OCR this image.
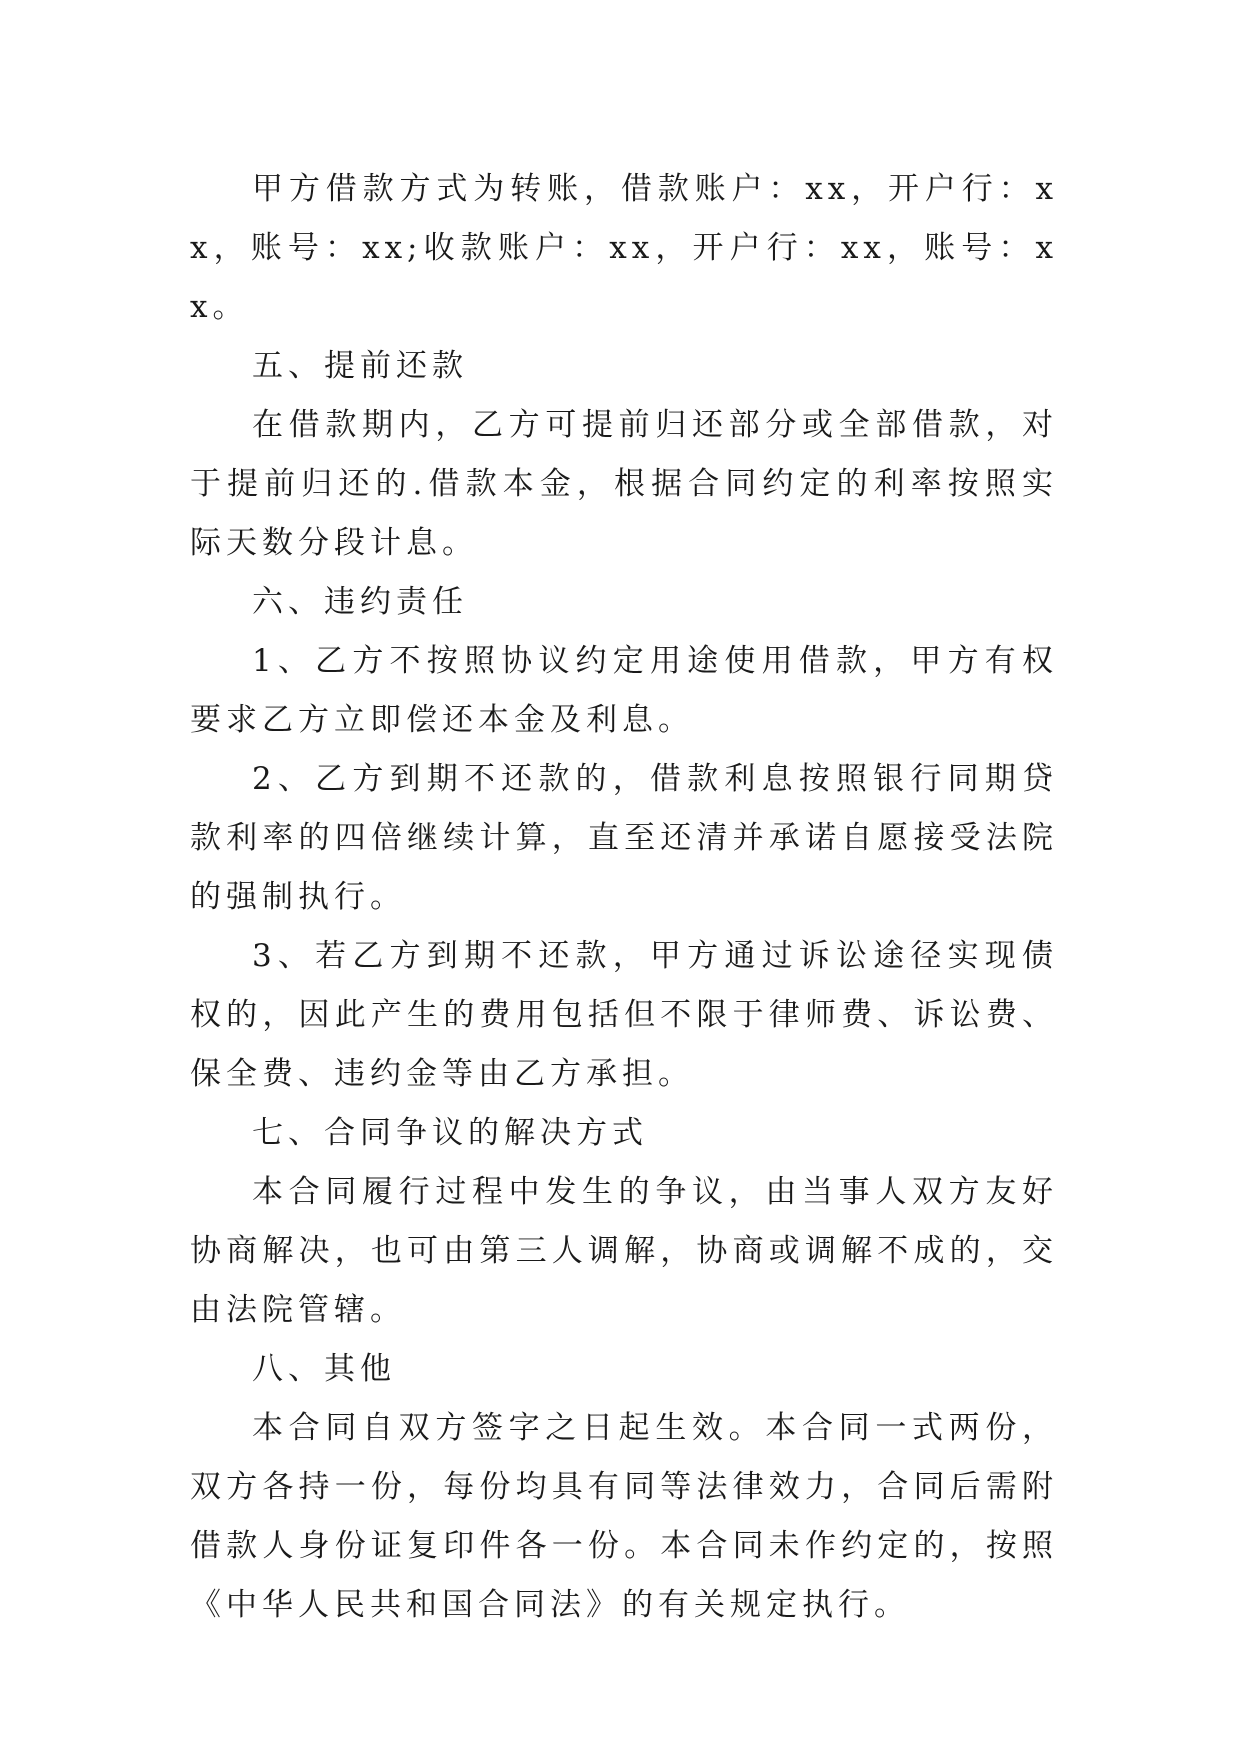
甲方借款方式为转账，借款账户：xx，开户行：xx，账号：xx;收款账户：xx，开户行：xx，账号：xx。

五、提前还款

在借款期内，乙方可提前归还部分或全部借款，对于提前归还的.借款本金，根据合同约定的利率按照实际天数分段计息。

六、违约责任

1、乙方不按照协议约定用途使用借款，甲方有权要求乙方立即偿还本金及利息。

2、乙方到期不还款的，借款利息按照银行同期贷款利率的四倍继续计算，直至还清并承诺自愿接受法院的强制执行。

3、若乙方到期不还款，甲方通过诉讼途径实现债权的，因此产生的费用包括但不限于律师费、诉讼费、保全费、违约金等由乙方承担。

七、合同争议的解决方式

本合同履行过程中发生的争议，由当事人双方友好协商解决，也可由第三人调解，协商或调解不成的，交由法院管辖。

八、其他

本合同自双方签字之日起生效。本合同一式两份，双方各持一份，每份均具有同等法律效力，合同后需附借款人身份证复印件各一份。本合同未作约定的，按照《中华人民共和国合同法》的有关规定执行。
